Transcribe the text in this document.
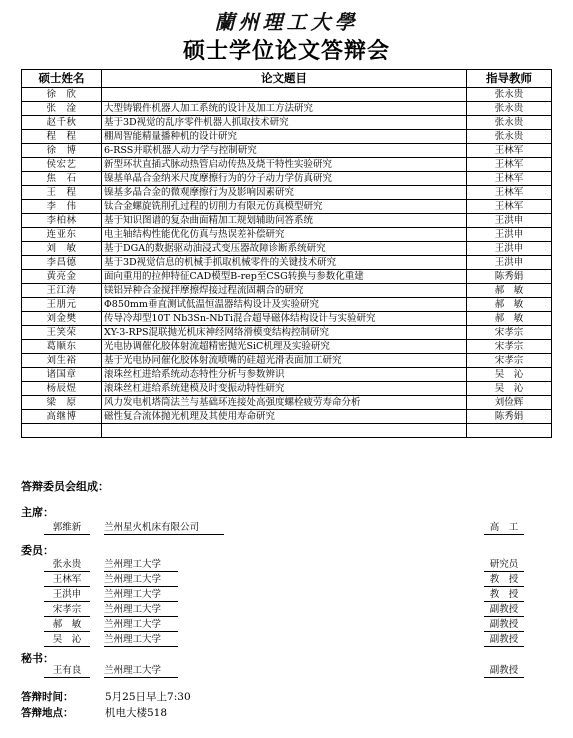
蘭州理工大學
硕士学位论文答辩会
硕士姓名	论文题目	指导教师
徐　欣		张永贵
张　淦	大型铸锻件机器人加工系统的设计及加工方法研究	张永贵
赵千秋	基于3D视觉的乱序零件机器人抓取技术研究	张永贵
程　程	棚周智能精量播种机的设计研究	张永贵
徐　博	6-RSS并联机器人动力学与控制研究	王林军
侯宏艺	新型环状直插式脉动热管启动传热及烧干特性实验研究	王林军
焦　石	镍基单晶合金纳米尺度摩擦行为的分子动力学仿真研究	王林军
王　程	镍基多晶合金的微观摩擦行为及影响因素研究	王林军
李　伟	钛合金螺旋铣削孔过程的切削力有限元仿真模型研究	王林军
李柏林	基于知识图谱的复杂曲面精加工规划辅助问答系统	王洪申
连亚东	电主轴结构性能优化仿真与热误差补偿研究	王洪申
刘　敏	基于DGA的数据驱动油浸式变压器故障诊断系统研究	王洪申
李昌德	基于3D视觉信息的机械手抓取机械零件的关键技术研究	王洪申
黄亮金	面向重用的拉伸特征CAD模型B-rep至CSG转换与参数化重建	陈秀娟
王江涛	镁铝异种合金搅拌摩擦焊接过程流固耦合的研究	郝　敏
王朋元	Φ850mm垂直测试低温恒温器结构设计及实验研究	郝　敏
刘金樊	传导冷却型10T Nb3Sn-NbTi混合超导磁体结构设计与实验研究	郝　敏
王笑荣	XY-3-RPS混联抛光机床神经网络滑模变结构控制研究	宋孝宗
葛顺东	光电协调催化胶体射流超精密抛光SiC机理及实验研究	宋孝宗
刘生裕	基于光电协同催化胶体射流喷嘴的硅超光滑表面加工研究	宋孝宗
诸国章	滚珠丝杠进给系统动态特性分析与参数辨识	吴　沁
杨辰煜	滚珠丝杠进给系统建模及时变振动特性研究	吴　沁
梁　原	风力发电机塔筒法兰与基础环连接处高强度螺栓疲劳寿命分析	刘俭辉
高继博	磁性复合流体抛光机理及其使用寿命研究	陈秀娟

答辩委员会组成：
主席：
郭维新	兰州星火机床有限公司	高　工
委员：
张永贵	兰州理工大学	研究员
王林军	兰州理工大学	教　授
王洪申	兰州理工大学	教　授
宋孝宗	兰州理工大学	副教授
郝　敏	兰州理工大学	副教授
吴　沁	兰州理工大学	副教授
秘书：
王有良	兰州理工大学	副教授
答辩时间：	5月25日早上7:30
答辩地点：	机电大楼518
